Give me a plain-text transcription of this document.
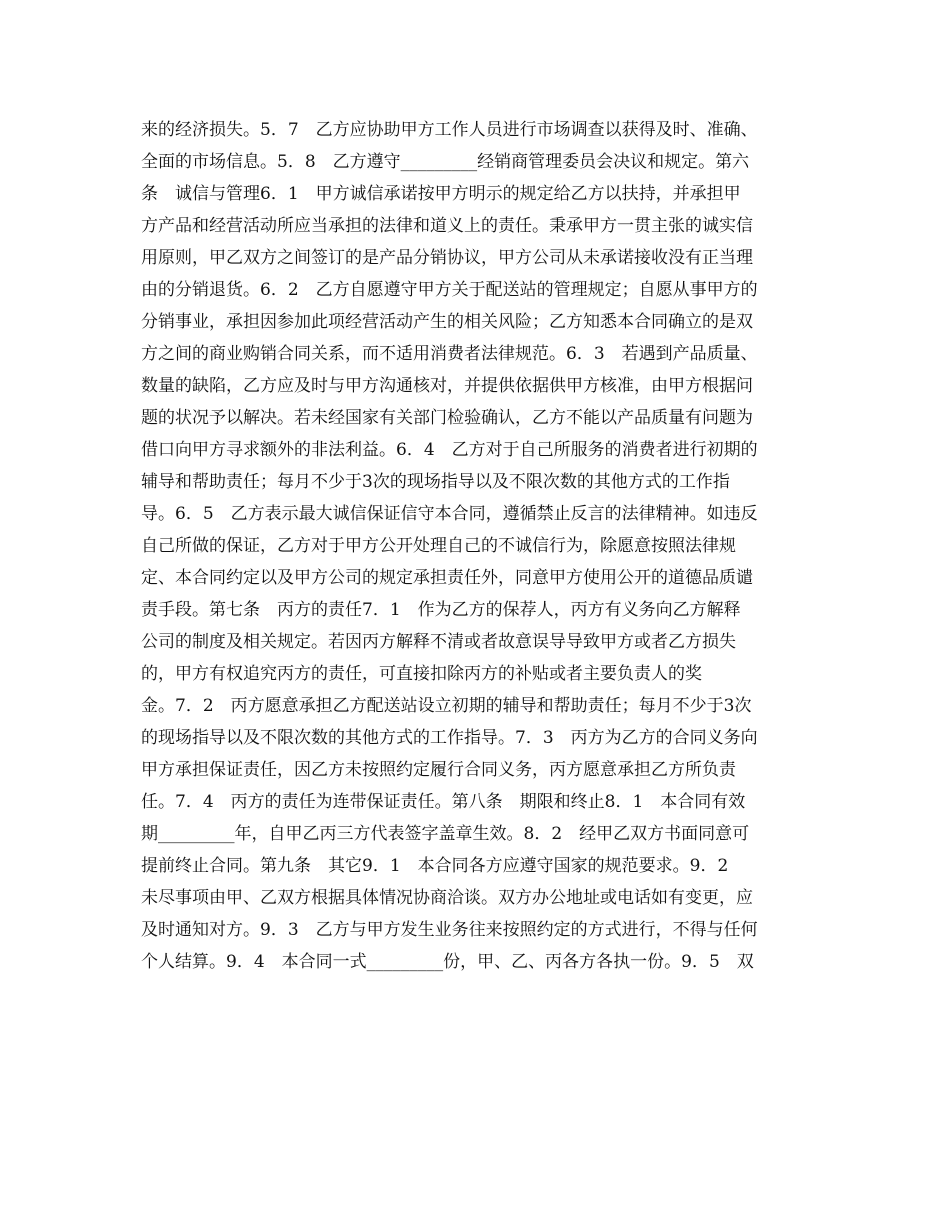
来的经济损失。5．7　乙方应协助甲方工作人员进行市场调查以获得及时、准确、
全面的市场信息。5．8　乙方遵守_________经销商管理委员会决议和规定。第六
条　诚信与管理6．1　甲方诚信承诺按甲方明示的规定给乙方以扶持，并承担甲
方产品和经营活动所应当承担的法律和道义上的责任。秉承甲方一贯主张的诚实信
用原则，甲乙双方之间签订的是产品分销协议，甲方公司从未承诺接收没有正当理
由的分销退货。6．2　乙方自愿遵守甲方关于配送站的管理规定；自愿从事甲方的
分销事业，承担因参加此项经营活动产生的相关风险；乙方知悉本合同确立的是双
方之间的商业购销合同关系，而不适用消费者法律规范。6．3　若遇到产品质量、
数量的缺陷，乙方应及时与甲方沟通核对，并提供依据供甲方核准，由甲方根据问
题的状况予以解决。若未经国家有关部门检验确认，乙方不能以产品质量有问题为
借口向甲方寻求额外的非法利益。6．4　乙方对于自己所服务的消费者进行初期的
辅导和帮助责任；每月不少于3次的现场指导以及不限次数的其他方式的工作指
导。6．5　乙方表示最大诚信保证信守本合同，遵循禁止反言的法律精神。如违反
自己所做的保证，乙方对于甲方公开处理自己的不诚信行为，除愿意按照法律规
定、本合同约定以及甲方公司的规定承担责任外，同意甲方使用公开的道德品质谴
责手段。第七条　丙方的责任7．1　作为乙方的保荐人，丙方有义务向乙方解释
公司的制度及相关规定。若因丙方解释不清或者故意误导导致甲方或者乙方损失
的，甲方有权追究丙方的责任，可直接扣除丙方的补贴或者主要负责人的奖
金。7．2　丙方愿意承担乙方配送站设立初期的辅导和帮助责任；每月不少于3次
的现场指导以及不限次数的其他方式的工作指导。7．3　丙方为乙方的合同义务向
甲方承担保证责任，因乙方未按照约定履行合同义务，丙方愿意承担乙方所负责
任。7．4　丙方的责任为连带保证责任。第八条　期限和终止8．1　本合同有效
期_________年，自甲乙丙三方代表签字盖章生效。8．2　经甲乙双方书面同意可
提前终止合同。第九条　其它9．1　本合同各方应遵守国家的规范要求。9．2
未尽事项由甲、乙双方根据具体情况协商洽谈。双方办公地址或电话如有变更，应
及时通知对方。9．3　乙方与甲方发生业务往来按照约定的方式进行，不得与任何
个人结算。9．4　本合同一式_________份，甲、乙、丙各方各执一份。9．5　双
